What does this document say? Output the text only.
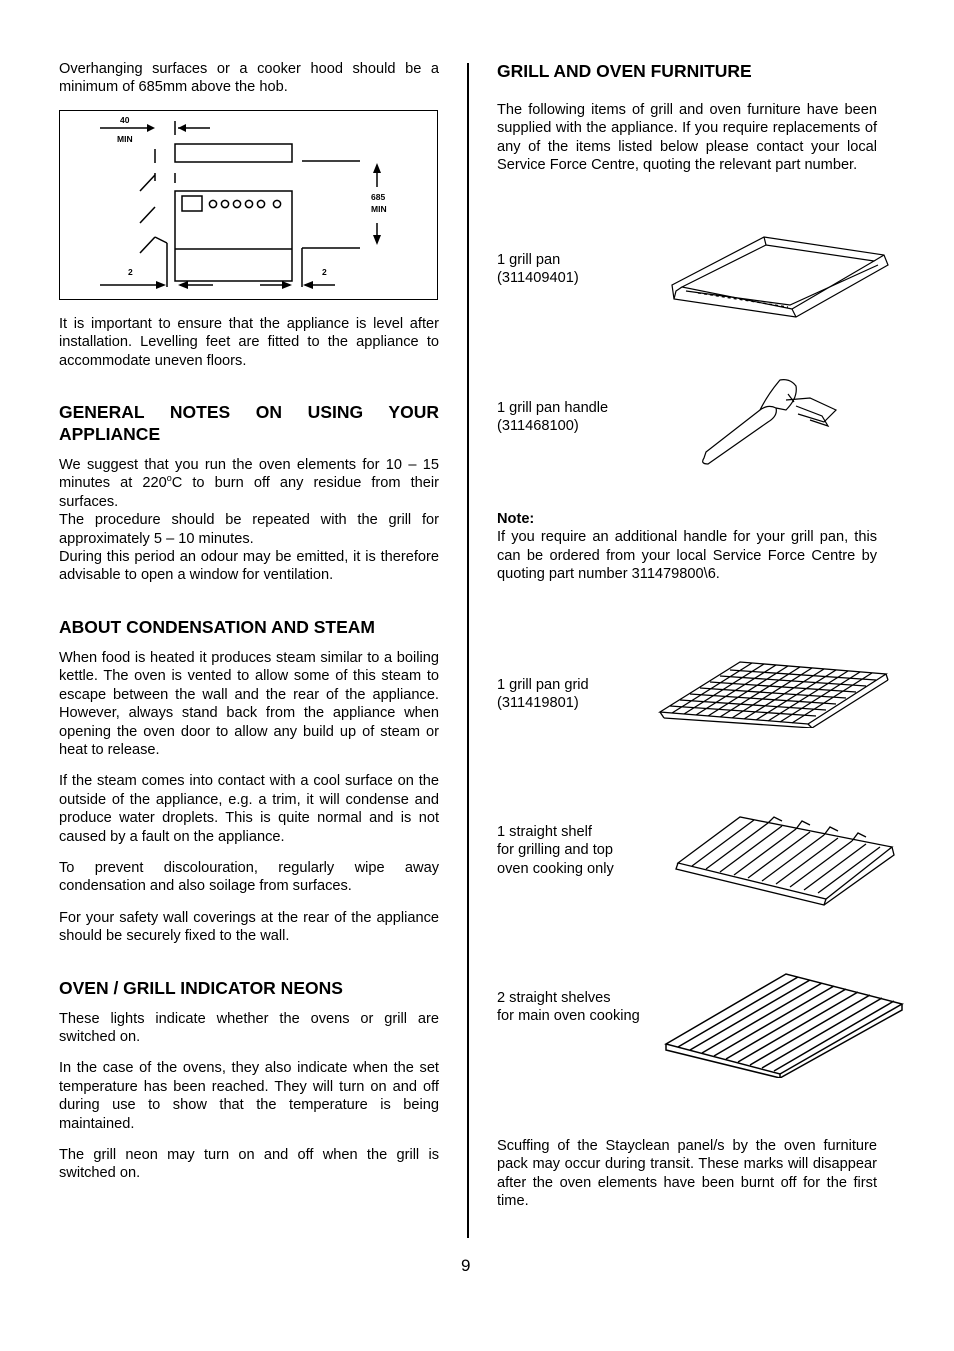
Overhanging surfaces or a cooker hood should be a minimum of 685mm above the hob.

40
MIN
685
MIN
2	2

It is important to ensure that the appliance is level after installation. Levelling feet are fitted to the appliance to accommodate uneven floors.

GENERAL NOTES ON USING YOUR APPLIANCE

We suggest that you run the oven elements for 10 – 15 minutes at 220$^o$C to burn off any residue from their surfaces.

The procedure should be repeated with the grill for approximately 5 – 10 minutes.

During this period an odour may be emitted, it is therefore advisable to open a window for ventilation.

ABOUT CONDENSATION AND STEAM

When food is heated it produces steam similar to a boiling kettle. The oven is vented to allow some of this steam to escape between the wall and the rear of the appliance. However, always stand back from the appliance when opening the oven door to allow any build up of steam or heat to release.

If the steam comes into contact with a cool surface on the outside of the appliance, e.g. a trim, it will condense and produce water droplets. This is quite normal and is not caused by a fault on the appliance.

To prevent discolouration, regularly wipe away condensation and also soilage from surfaces.

For your safety wall coverings at the rear of the appliance should be securely fixed to the wall.

OVEN / GRILL INDICATOR NEONS

These lights indicate whether the ovens or grill are switched on.

In the case of the ovens, they also indicate when the set temperature has been reached. They will turn on and off during use to show that the temperature is being maintained.

The grill neon may turn on and off when the grill is switched on.

GRILL AND OVEN FURNITURE

The following items of grill and oven furniture have been supplied with the appliance. If you require replacements of any of the items listed below please contact your local Service Force Centre, quoting the relevant part number.

1 grill pan
(311409401)
1 grill pan handle
(311468100)

Note:

If you require an additional handle for your grill pan, this can be ordered from your local Service Force Centre by quoting part number 311479800\6.

1 grill pan grid
(311419801)
1 straight shelf
for grilling and top
oven cooking only
2 straight shelves
for main oven cooking

Scuffing of the Stayclean panel/s by the oven furniture pack may occur during transit. These marks will disappear after the oven elements have been burnt off for the first time.

9
